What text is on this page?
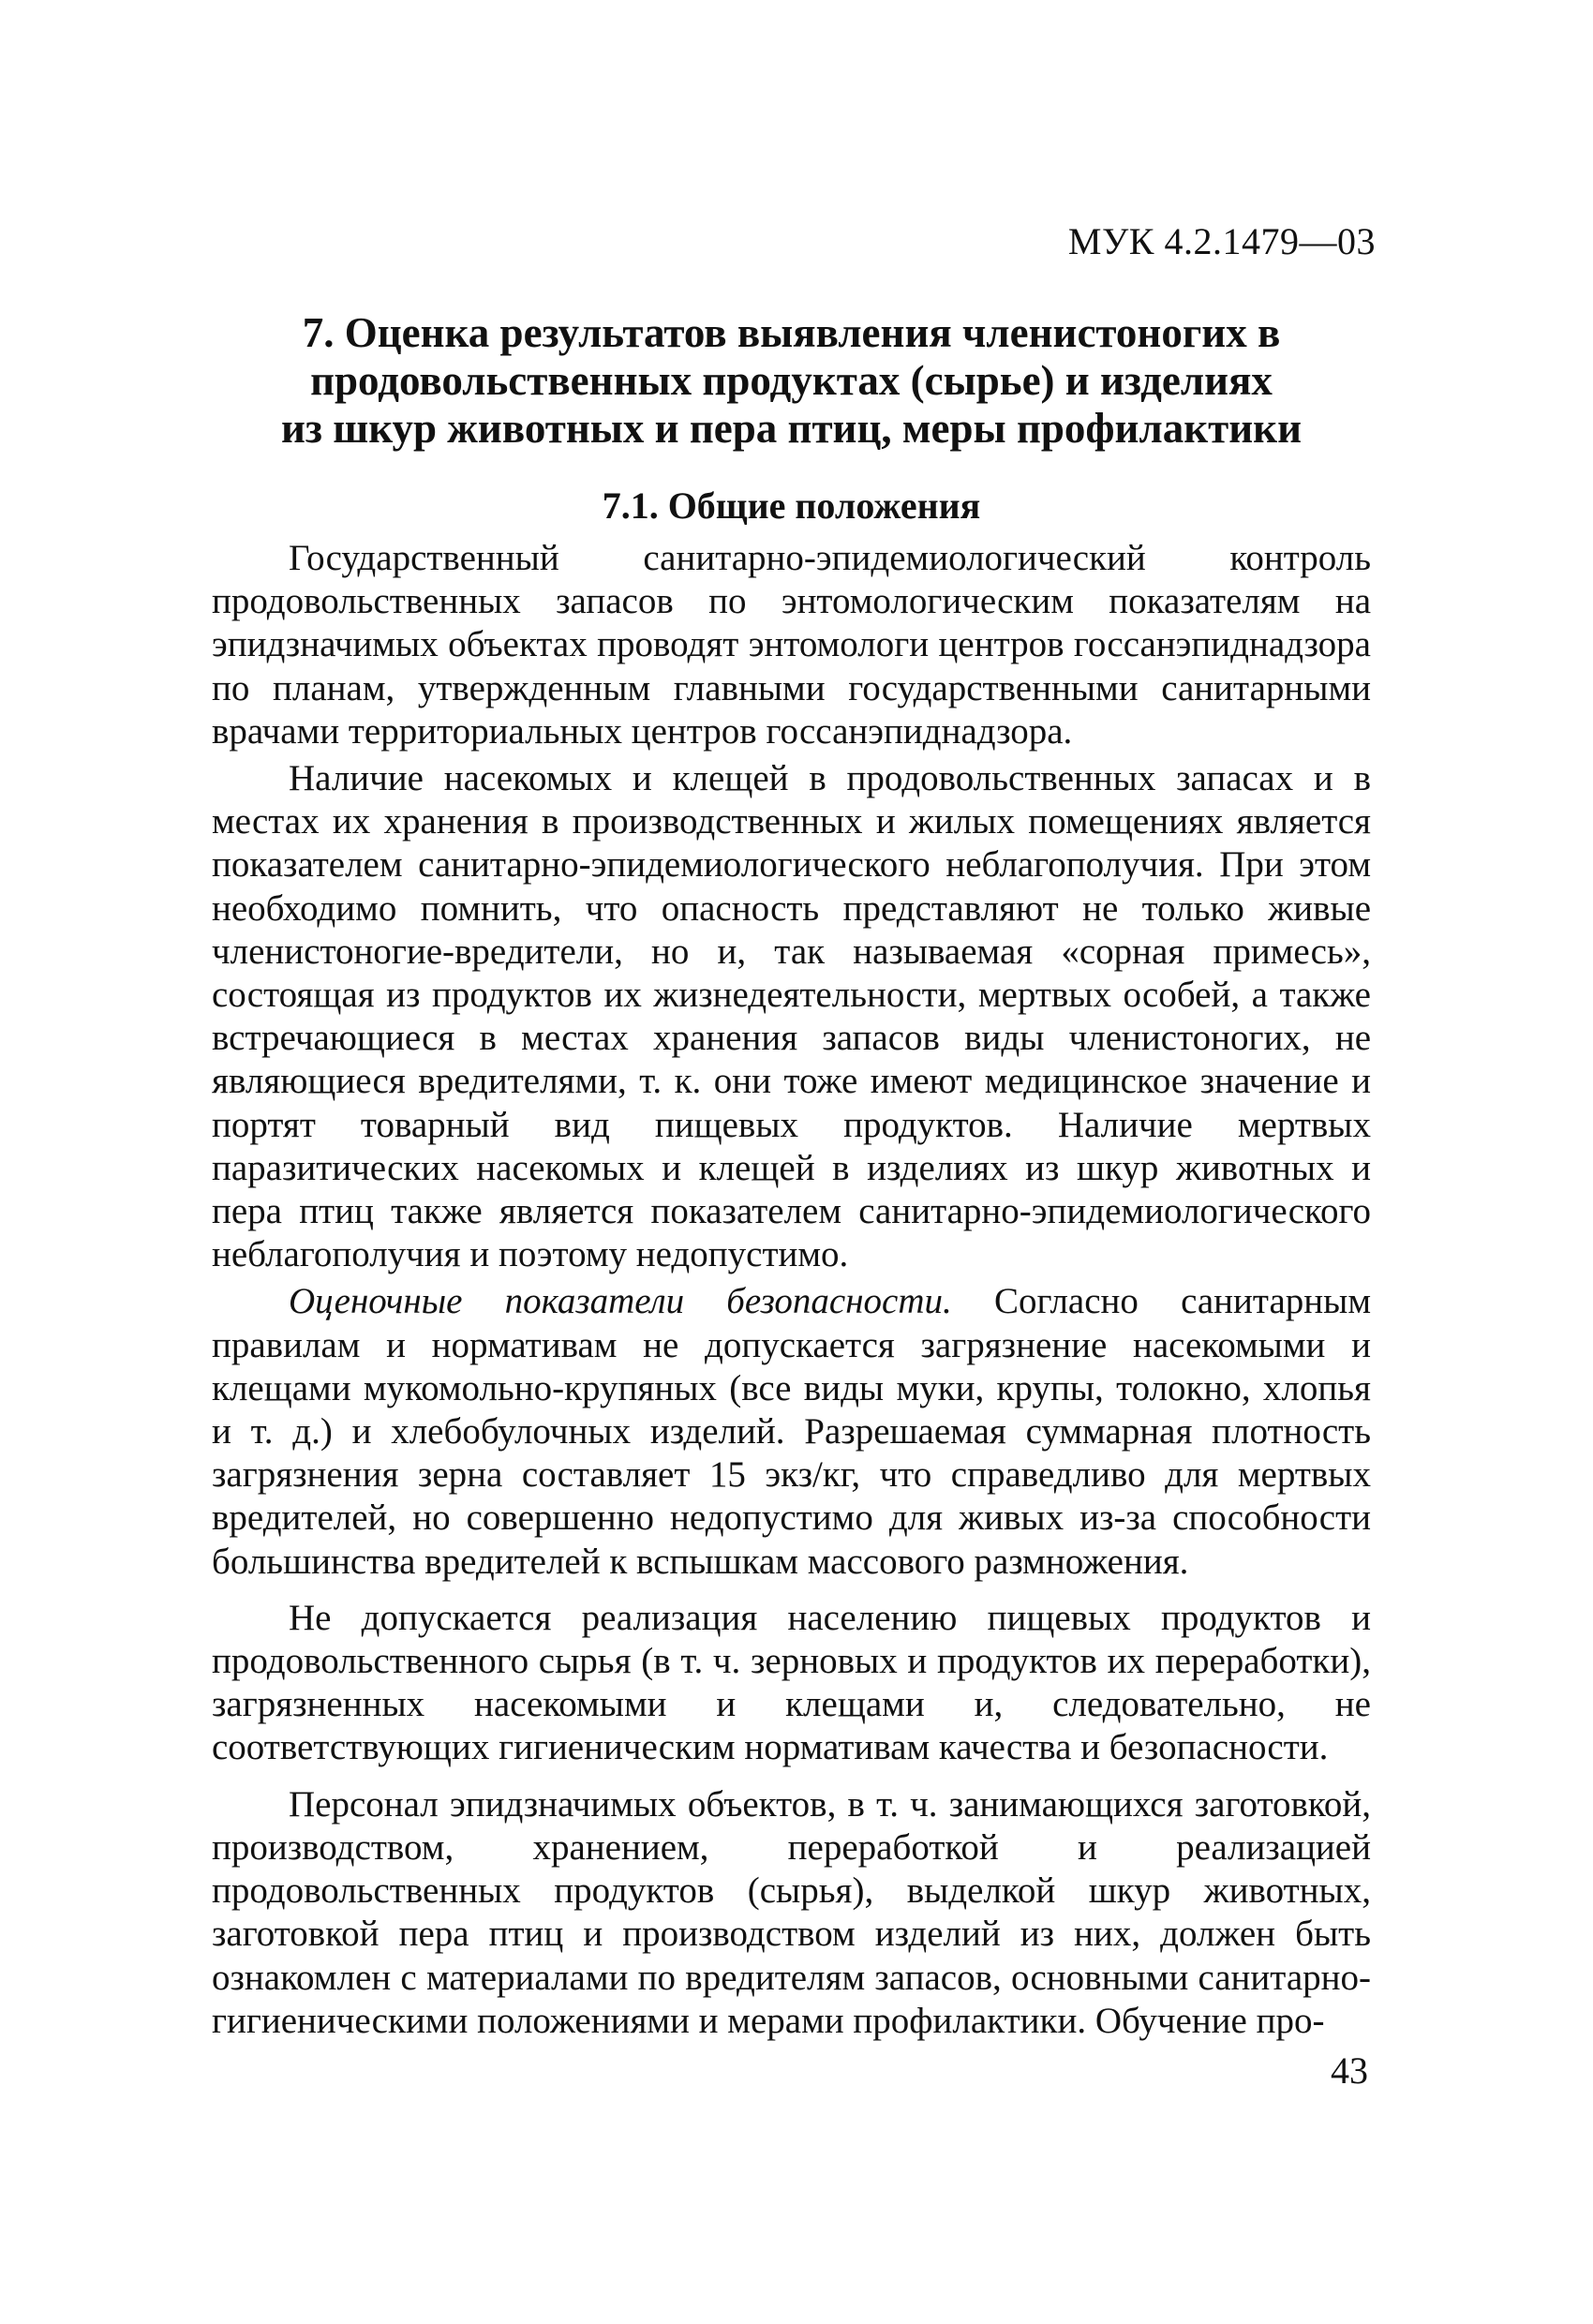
МУК 4.2.1479—03
7. Оценка результатов выявления членистоногих в
продовольственных продуктах (сырье) и изделиях
из шкур животных и пера птиц, меры профилактики
7.1. Общие положения

Государственный санитарно-эпидемиологический контроль продовольственных запасов по энтомологическим показателям на эпидзначимых объектах проводят энтомологи центров госсанэпиднадзора по планам, утвержденным главными государственными санитарными врачами территориальных центров госсанэпиднадзора.

Наличие насекомых и клещей в продовольственных запасах и в местах их хранения в производственных и жилых помещениях является показателем санитарно-эпидемиологического неблагополучия. При этом необходимо помнить, что опасность представляют не только живые членистоногие-вредители, но и, так называемая «сорная примесь», состоящая из продуктов их жизнедеятельности, мертвых особей, а также встречающиеся в местах хранения запасов виды членистоногих, не являющиеся вредителями, т. к. они тоже имеют медицинское значение и портят товарный вид пищевых продуктов. Наличие мертвых паразитических насекомых и клещей в изделиях из шкур животных и пера птиц также является показателем санитарно-эпидемиологического неблагополучия и поэтому недопустимо.

Оценочные показатели безопасности. Согласно санитарным правилам и нормативам не допускается загрязнение насекомыми и клещами мукомольно-крупяных (все виды муки, крупы, толокно, хлопья и т. д.) и хлебобулочных изделий. Разрешаемая суммарная плотность загрязнения зерна составляет 15 экз/кг, что справедливо для мертвых вредителей, но совершенно недопустимо для живых из-за способности большинства вредителей к вспышкам массового размножения.

Не допускается реализация населению пищевых продуктов и продовольственного сырья (в т. ч. зерновых и продуктов их переработки), загрязненных насекомыми и клещами и, следовательно, не соответствующих гигиеническим нормативам качества и безопасности.

Персонал эпидзначимых объектов, в т. ч. занимающихся заготовкой, производством, хранением, переработкой и реализацией продовольственных продуктов (сырья), выделкой шкур животных, заготовкой пера птиц и производством изделий из них, должен быть ознакомлен с материалами по вредителям запасов, основными санитарно-гигиеническими положениями и мерами профилактики. Обучение про-

43
